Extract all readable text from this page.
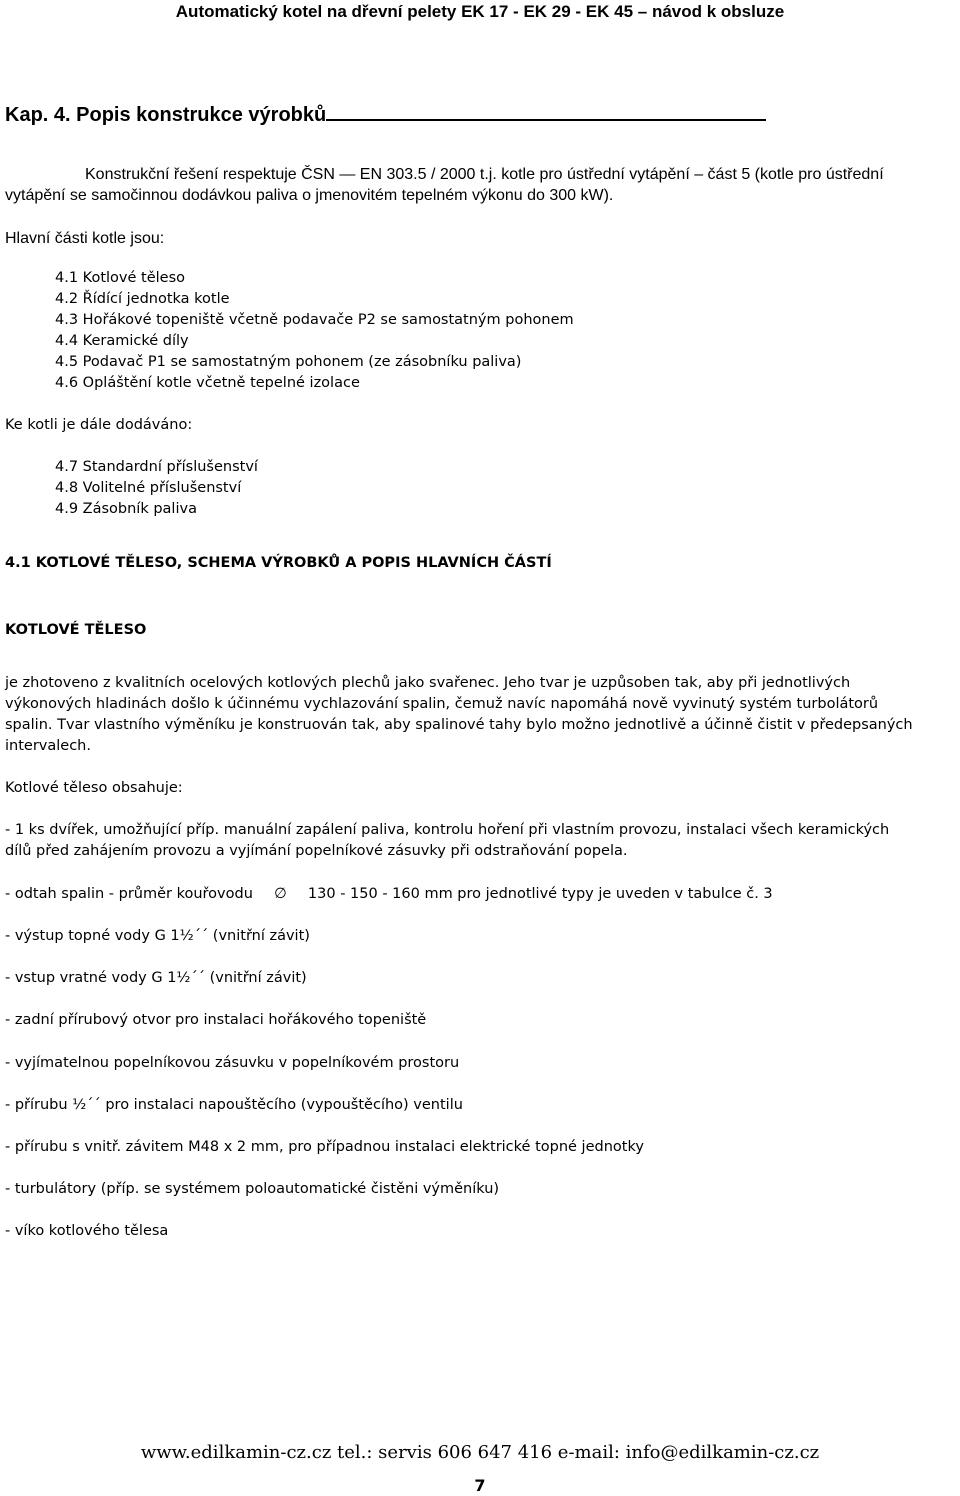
Automatický kotel na dřevní pelety EK 17 - EK 29 - EK 45 – návod k obsluze
Kap. 4. Popis konstrukce výrobků
Konstrukční řešení respektuje ČSN — EN 303.5 / 2000 t.j. kotle pro ústřední vytápění – část 5 (kotle pro ústřední
vytápění se samočinnou dodávkou paliva o jmenovitém tepelném výkonu do 300 kW).
Hlavní části kotle jsou:
4.1 Kotlové těleso
4.2 Řídící jednotka kotle
4.3 Hořákové topeniště včetně podavače P2 se samostatným pohonem
4.4 Keramické díly
4.5 Podavač P1 se samostatným pohonem (ze zásobníku paliva)
4.6 Opláštění kotle včetně tepelné izolace
Ke kotli je dále dodáváno:
4.7 Standardní příslušenství
4.8 Volitelné příslušenství
4.9 Zásobník paliva
4.1 KOTLOVÉ TĚLESO, SCHEMA VÝROBKŮ A POPIS HLAVNÍCH ČÁSTÍ
KOTLOVÉ TĚLESO
je zhotoveno z kvalitních ocelových kotlových plechů jako svařenec. Jeho tvar je uzpůsoben tak, aby při jednotlivých
výkonových hladinách došlo k účinnému vychlazování spalin, čemuž navíc napomáhá nově vyvinutý systém turbolátorů
spalin. Tvar vlastního výměníku je konstruován tak, aby spalinové tahy bylo možno jednotlivě a účinně čistit v předepsaných
intervalech.
Kotlové těleso obsahuje:
- 1 ks dvířek, umožňující příp. manuální zapálení paliva, kontrolu hoření při vlastním provozu, instalaci všech keramických
dílů před zahájením provozu a vyjímání popelníkové zásuvky při odstraňování popela.
- odtah spalin - průměr kouřovodu ∅ 130 - 150 - 160 mm pro jednotlivé typy je uveden v tabulce č. 3
- výstup topné vody G 1½´´ (vnitřní závit)
- vstup vratné vody G 1½´´ (vnitřní závit)
- zadní přírubový otvor pro instalaci hořákového topeniště
- vyjímatelnou popelníkovou zásuvku v popelníkovém prostoru
- přírubu ½´´ pro instalaci napouštěcího (vypouštěcího) ventilu
- přírubu s vnitř. závitem M48 x 2 mm, pro případnou instalaci elektrické topné jednotky
- turbulátory (příp. se systémem poloautomatické čistěni výměníku)
- víko kotlového tělesa
www.edilkamin-cz.cz tel.: servis 606 647 416 e-mail: info@edilkamin-cz.cz
7
